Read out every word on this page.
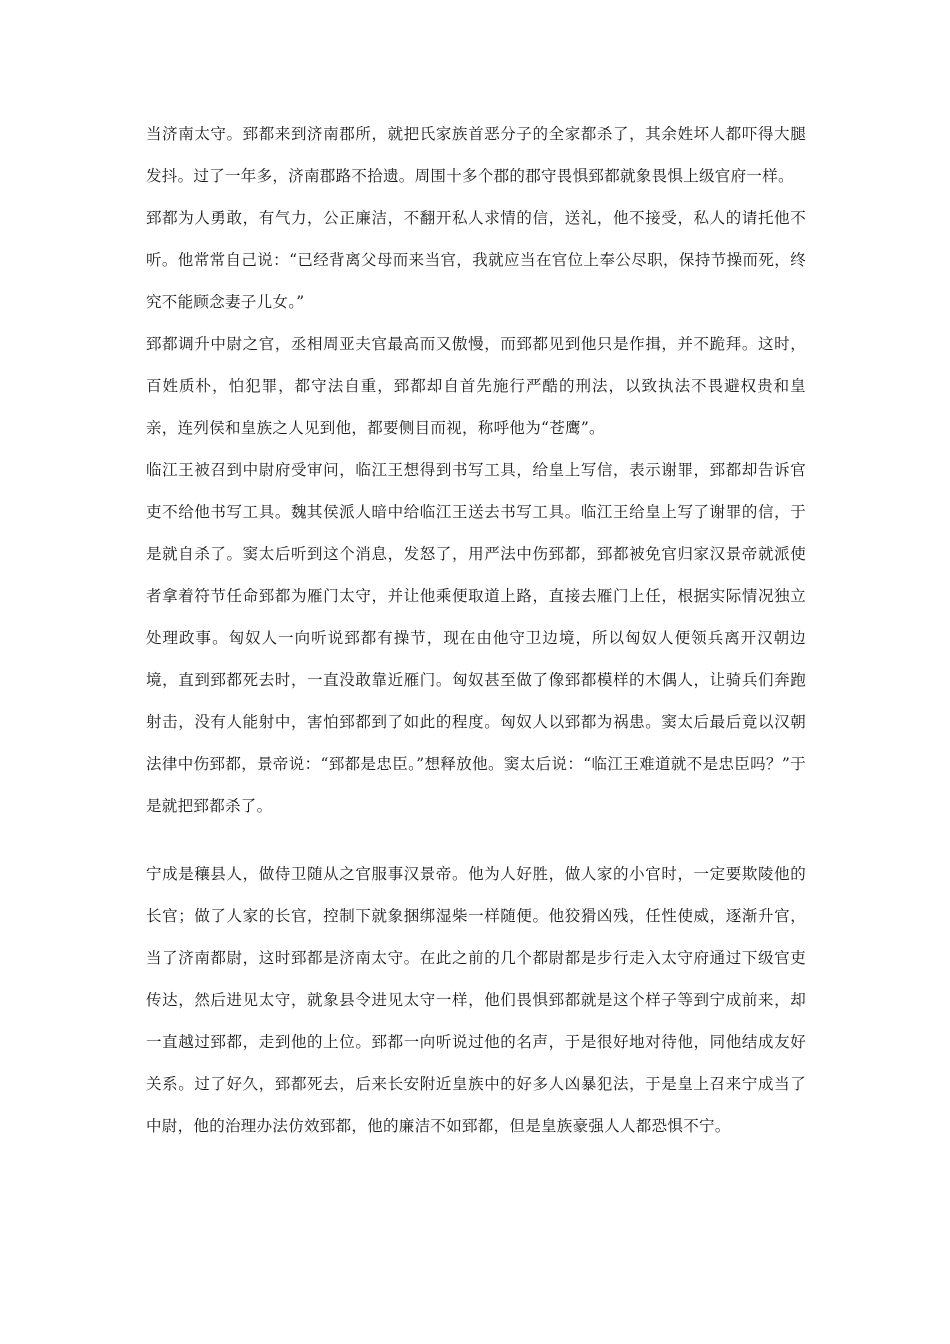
当济南太守。郅都来到济南郡所，就把氏家族首恶分子的全家都杀了，其余姓坏人都吓得大腿发抖。过了一年多，济南郡路不拾遗。周围十多个郡的郡守畏惧郅都就象畏惧上级官府一样。

郅都为人勇敢，有气力，公正廉洁，不翻开私人求情的信，送礼，他不接受，私人的请托他不听。他常常自己说：“已经背离父母而来当官，我就应当在官位上奉公尽职，保持节操而死，终究不能顾念妻子儿女。”

郅都调升中尉之官，丞相周亚夫官最高而又傲慢，而郅都见到他只是作揖，并不跪拜。这时，百姓质朴，怕犯罪，都守法自重，郅都却自首先施行严酷的刑法，以致执法不畏避权贵和皇亲，连列侯和皇族之人见到他，都要侧目而视，称呼他为“苍鹰”。

临江王被召到中尉府受审问，临江王想得到书写工具，给皇上写信，表示谢罪，郅都却告诉官吏不给他书写工具。魏其侯派人暗中给临江王送去书写工具。临江王给皇上写了谢罪的信，于是就自杀了。窦太后听到这个消息，发怒了，用严法中伤郅都，郅都被免官归家汉景帝就派使者拿着符节任命郅都为雁门太守，并让他乘便取道上路，直接去雁门上任，根据实际情况独立处理政事。匈奴人一向听说郅都有操节，现在由他守卫边境，所以匈奴人便领兵离开汉朝边境，直到郅都死去时，一直没敢靠近雁门。匈奴甚至做了像郅都模样的木偶人，让骑兵们奔跑射击，没有人能射中，害怕郅都到了如此的程度。匈奴人以郅都为祸患。窦太后最后竟以汉朝法律中伤郅都，景帝说：“郅都是忠臣。”想释放他。窦太后说：“临江王难道就不是忠臣吗？”于是就把郅都杀了。

宁成是穰县人，做侍卫随从之官服事汉景帝。他为人好胜，做人家的小官时，一定要欺陵他的长官；做了人家的长官，控制下就象捆绑湿柴一样随便。他狡猾凶残，任性使威，逐渐升官，当了济南都尉，这时郅都是济南太守。在此之前的几个都尉都是步行走入太守府通过下级官吏传达，然后进见太守，就象县令进见太守一样，他们畏惧郅都就是这个样子等到宁成前来，却一直越过郅都，走到他的上位。郅都一向听说过他的名声，于是很好地对待他，同他结成友好关系。过了好久，郅都死去，后来长安附近皇族中的好多人凶暴犯法，于是皇上召来宁成当了中尉，他的治理办法仿效郅都，他的廉洁不如郅都，但是皇族豪强人人都恐惧不宁。
